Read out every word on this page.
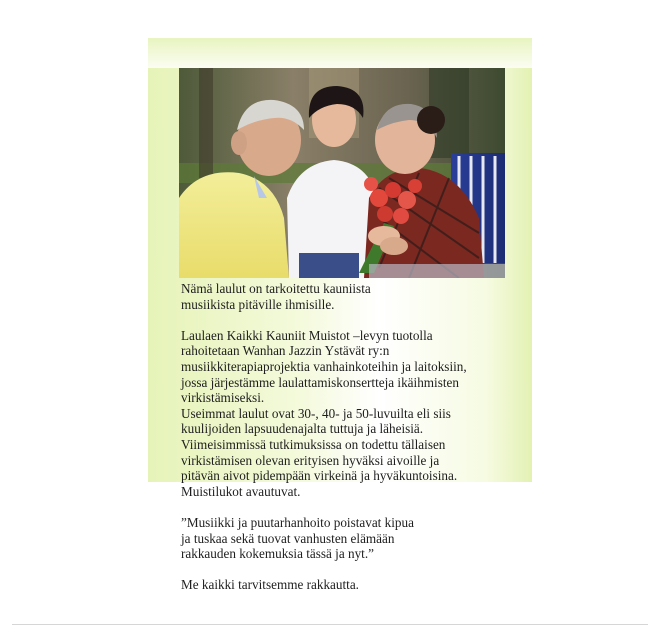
Nämä laulut on tarkoitettu kauniista
musiikista pitäville ihmisille.

Laulaen Kaikki Kauniit Muistot –levyn tuotolla
rahoitetaan Wanhan Jazzin Ystävät ry:n
musiikkiterapiaprojektia vanhainkoteihin ja laitoksiin,
jossa järjestämme laulattamiskonsertteja ikäihmisten
virkistämiseksi.
Useimmat laulut ovat 30-, 40- ja 50-luvuilta eli siis
kuulijoiden lapsuudenajalta tuttuja ja läheisiä.
Viimeisimmissä tutkimuksissa on todettu tällaisen
virkistämisen olevan erityisen hyväksi aivoille ja
pitävän aivot pidempään virkeinä ja hyväkuntoisina.
Muistilukot avautuvat.

”Musiikki ja puutarhanhoito poistavat kipua
ja tuskaa sekä tuovat vanhusten elämään
rakkauden kokemuksia tässä ja nyt.”

Me kaikki tarvitsemme rakkautta.
